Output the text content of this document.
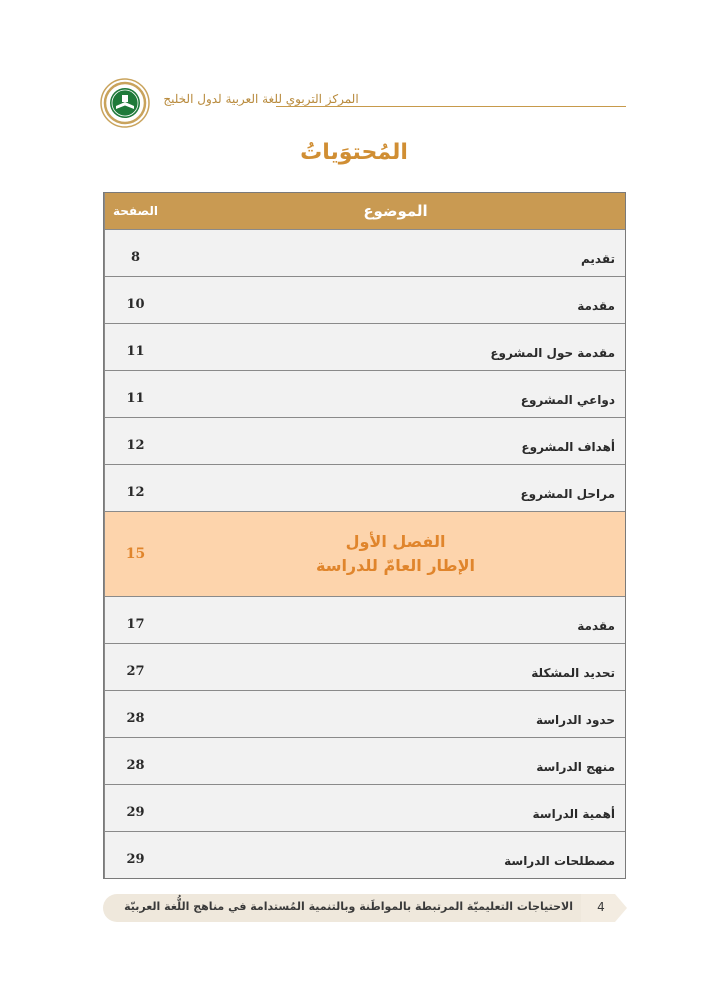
المركز التربوي للغة العربية لدول الخليج
المُحتوَياتُ
الموضوع
الصفحة
تقديم
8
مقدمة
10
مقدمة حول المشروع
11
دواعي المشروع
11
أهداف المشروع
12
مراحل المشروع
12
الفصل الأول
الإطار العامّ للدراسة
15
مقدمة
17
تحديد المشكلة
27
حدود الدراسة
28
منهج الدراسة
28
أهمية الدراسة
29
مصطلحات الدراسة
29
الاحتياجات التعليميّة المرتبطة بالمواطَنة وبالتنمية المُستدامة في مناهج اللُّغة العربيّة	4
